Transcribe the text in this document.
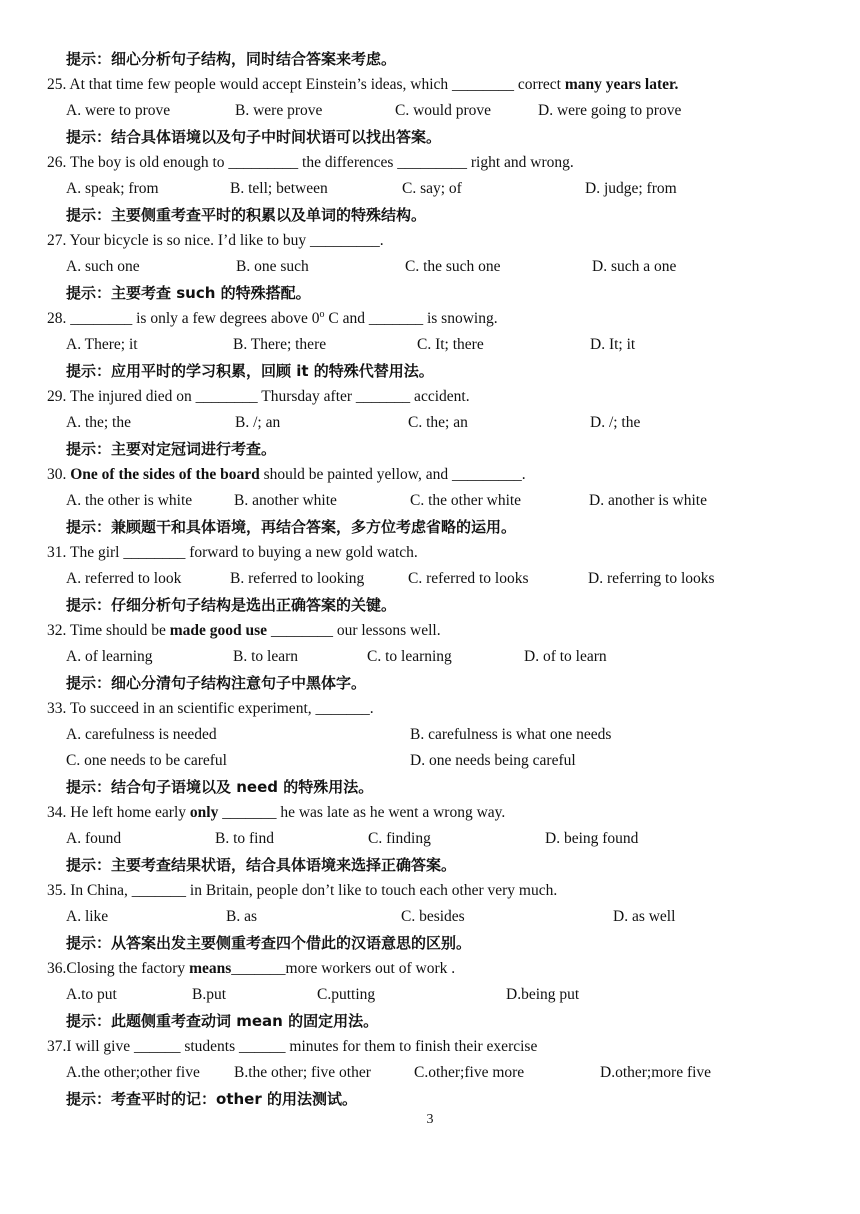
提示：细心分析句子结构，同时结合答案来考虑。
25. At that time few people would accept Einstein’s ideas, which ________ correct many years later.
A. were to prove	B. were prove	C. would prove	D. were going to prove
提示：结合具体语境以及句子中时间状语可以找出答案。
26. The boy is old enough to _________ the differences _________ right and wrong.
A. speak; from	B. tell; between	C. say; of	D. judge; from
提示：主要侧重考查平时的积累以及单词的特殊结构。
27. Your bicycle is so nice. I’d like to buy _________.
A. such one	B. one such	C. the such one	D. such a one
提示：主要考查 such 的特殊搭配。
28. ________ is only a few degrees above 0$^o$ C and _______ is snowing.
A. There; it	B. There; there	C. It; there	D. It; it
提示：应用平时的学习积累，回顾 it 的特殊代替用法。
29. The injured died on ________ Thursday after _______ accident.
A. the; the	B. /; an	C. the; an	D. /; the
提示：主要对定冠词进行考查。
30. One of the sides of the board should be painted yellow, and _________.
A. the other is white	B. another white	C. the other white	D. another is white
提示：兼顾题干和具体语境，再结合答案，多方位考虑省略的运用。
31. The girl ________ forward to buying a new gold watch.
A. referred to look	B. referred to looking	C. referred to looks	D. referring to looks
提示：仔细分析句子结构是选出正确答案的关键。
32. Time should be made good use ________ our lessons well.
A. of learning	B. to learn	C. to learning	D. of to learn
提示：细心分清句子结构注意句子中黑体字。
33. To succeed in an scientific experiment, _______.
A. carefulness is needed	B. carefulness is what one needs
C. one needs to be careful	D. one needs being careful
提示：结合句子语境以及 need 的特殊用法。
34. He left home early only _______ he was late as he went a wrong way.
A. found	B. to find	C. finding	D. being found
提示：主要考查结果状语，结合具体语境来选择正确答案。
35. In China, _______ in Britain, people don’t like to touch each other very much.
A. like	B. as	C. besides	D. as well
提示：从答案出发主要侧重考查四个借此的汉语意思的区别。
36.Closing the factory means_______more workers out of work .
A.to put	B.put	C.putting	D.being put
提示：此题侧重考查动词 mean 的固定用法。
37.I will give ______ students ______ minutes for them to finish their exercise
A.the other;other five B.the other; five other	C.other;five more	D.other;more five
提示：考查平时的记：other 的用法测试。
3
